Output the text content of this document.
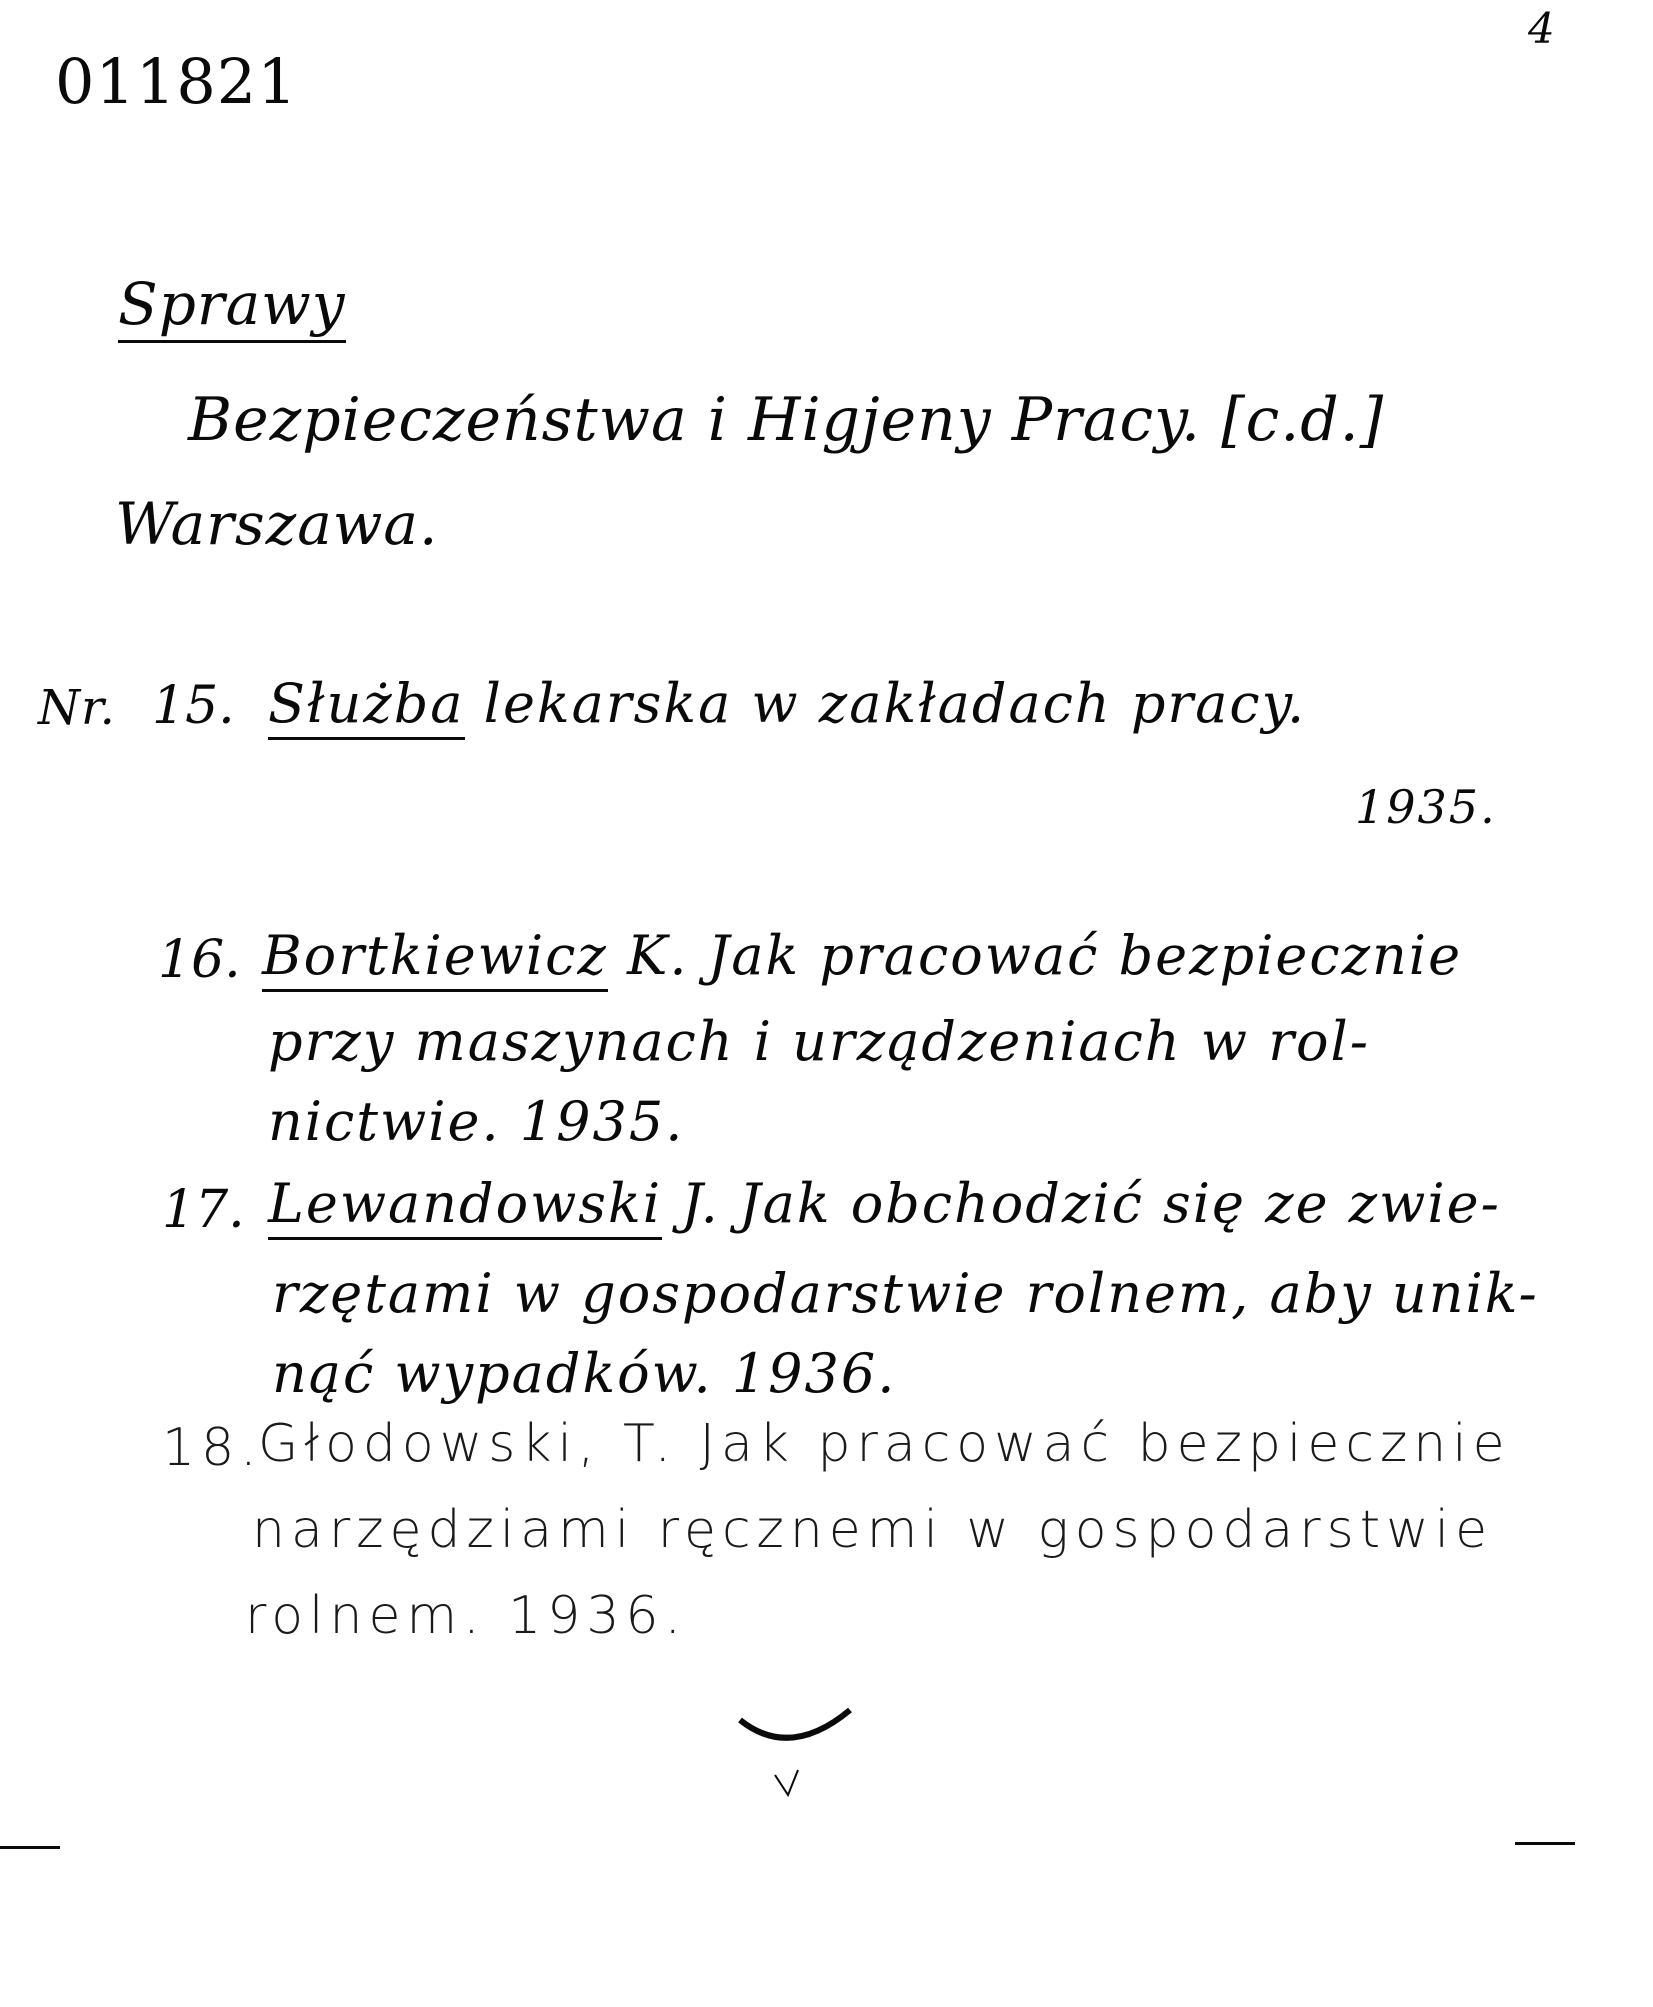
011821
4
Sprawy
Bezpieczeństwa i Higjeny Pracy. [c.d.]
Warszawa.
Nr. 15. Służba lekarska w zakładach pracy.
1935.
16. Bortkiewicz K. Jak pracować bezpiecznie
przy maszynach i urządzeniach w rol-
nictwie. 1935.
17. Lewandowski J. Jak obchodzić się ze zwie-
rzętami w gospodarstwie rolnem, aby unik-
nąć wypadków. 1936.
18.
Głodowski, T. Jak pracować bezpiecznie
narzędziami ręcznemi w gospodarstwie
rolnem. 1936.
